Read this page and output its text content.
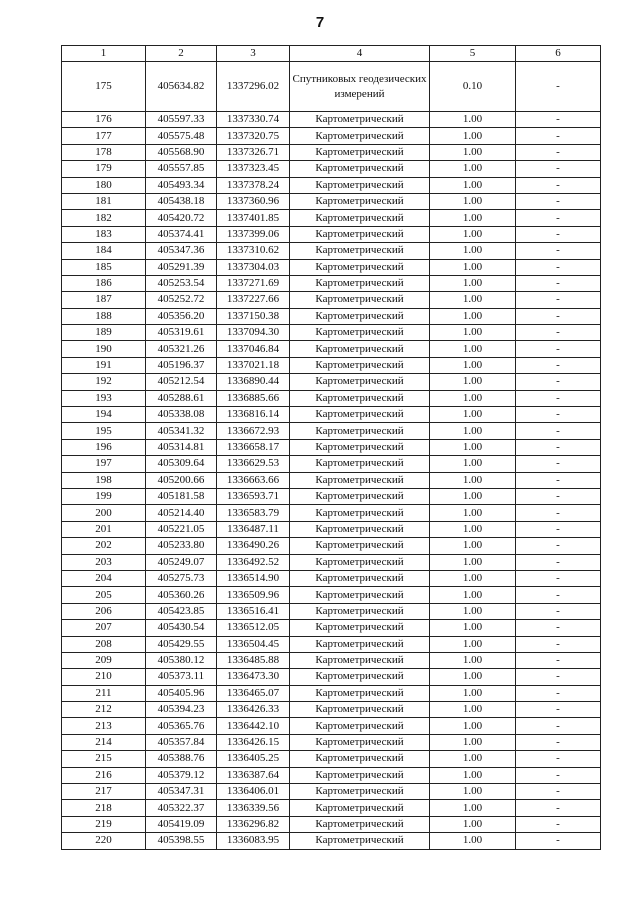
7
1	2	3	4	5	6
175	405634.82	1337296.02	Спутниковых геодезических измерений	0.10	-
176	405597.33	1337330.74	Картометрический	1.00	-
177	405575.48	1337320.75	Картометрический	1.00	-
178	405568.90	1337326.71	Картометрический	1.00	-
179	405557.85	1337323.45	Картометрический	1.00	-
180	405493.34	1337378.24	Картометрический	1.00	-
181	405438.18	1337360.96	Картометрический	1.00	-
182	405420.72	1337401.85	Картометрический	1.00	-
183	405374.41	1337399.06	Картометрический	1.00	-
184	405347.36	1337310.62	Картометрический	1.00	-
185	405291.39	1337304.03	Картометрический	1.00	-
186	405253.54	1337271.69	Картометрический	1.00	-
187	405252.72	1337227.66	Картометрический	1.00	-
188	405356.20	1337150.38	Картометрический	1.00	-
189	405319.61	1337094.30	Картометрический	1.00	-
190	405321.26	1337046.84	Картометрический	1.00	-
191	405196.37	1337021.18	Картометрический	1.00	-
192	405212.54	1336890.44	Картометрический	1.00	-
193	405288.61	1336885.66	Картометрический	1.00	-
194	405338.08	1336816.14	Картометрический	1.00	-
195	405341.32	1336672.93	Картометрический	1.00	-
196	405314.81	1336658.17	Картометрический	1.00	-
197	405309.64	1336629.53	Картометрический	1.00	-
198	405200.66	1336663.66	Картометрический	1.00	-
199	405181.58	1336593.71	Картометрический	1.00	-
200	405214.40	1336583.79	Картометрический	1.00	-
201	405221.05	1336487.11	Картометрический	1.00	-
202	405233.80	1336490.26	Картометрический	1.00	-
203	405249.07	1336492.52	Картометрический	1.00	-
204	405275.73	1336514.90	Картометрический	1.00	-
205	405360.26	1336509.96	Картометрический	1.00	-
206	405423.85	1336516.41	Картометрический	1.00	-
207	405430.54	1336512.05	Картометрический	1.00	-
208	405429.55	1336504.45	Картометрический	1.00	-
209	405380.12	1336485.88	Картометрический	1.00	-
210	405373.11	1336473.30	Картометрический	1.00	-
211	405405.96	1336465.07	Картометрический	1.00	-
212	405394.23	1336426.33	Картометрический	1.00	-
213	405365.76	1336442.10	Картометрический	1.00	-
214	405357.84	1336426.15	Картометрический	1.00	-
215	405388.76	1336405.25	Картометрический	1.00	-
216	405379.12	1336387.64	Картометрический	1.00	-
217	405347.31	1336406.01	Картометрический	1.00	-
218	405322.37	1336339.56	Картометрический	1.00	-
219	405419.09	1336296.82	Картометрический	1.00	-
220	405398.55	1336083.95	Картометрический	1.00	-
